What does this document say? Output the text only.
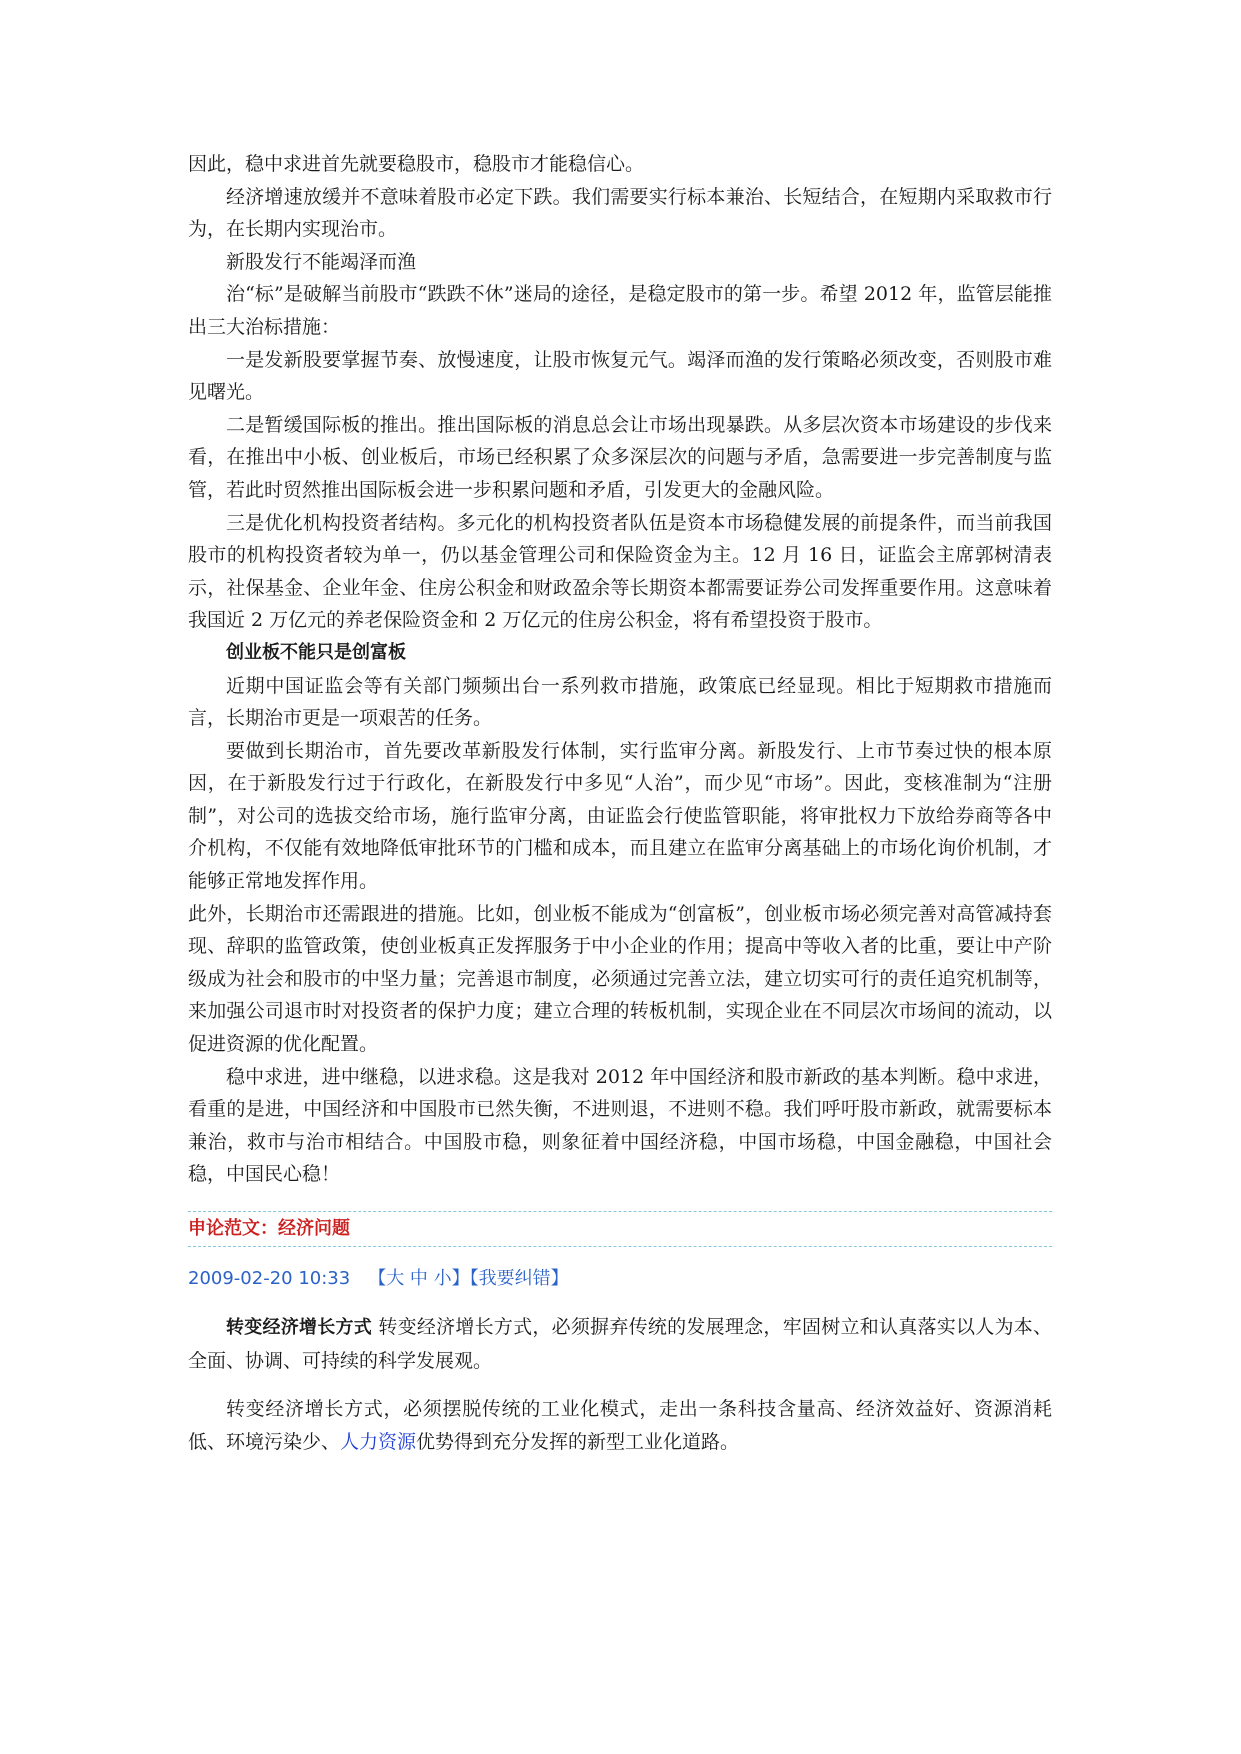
因此，稳中求进首先就要稳股市，稳股市才能稳信心。

经济增速放缓并不意味着股市必定下跌。我们需要实行标本兼治、长短结合，在短期内采取救市行为，在长期内实现治市。

新股发行不能竭泽而渔

治“标”是破解当前股市“跌跌不休”迷局的途径，是稳定股市的第一步。希望 2012 年，监管层能推出三大治标措施：

一是发新股要掌握节奏、放慢速度，让股市恢复元气。竭泽而渔的发行策略必须改变，否则股市难见曙光。

二是暂缓国际板的推出。推出国际板的消息总会让市场出现暴跌。从多层次资本市场建设的步伐来看，在推出中小板、创业板后，市场已经积累了众多深层次的问题与矛盾，急需要进一步完善制度与监管，若此时贸然推出国际板会进一步积累问题和矛盾，引发更大的金融风险。

三是优化机构投资者结构。多元化的机构投资者队伍是资本市场稳健发展的前提条件，而当前我国股市的机构投资者较为单一，仍以基金管理公司和保险资金为主。12 月 16 日，证监会主席郭树清表示，社保基金、企业年金、住房公积金和财政盈余等长期资本都需要证券公司发挥重要作用。这意味着我国近 2 万亿元的养老保险资金和 2 万亿元的住房公积金，将有希望投资于股市。

创业板不能只是创富板

近期中国证监会等有关部门频频出台一系列救市措施，政策底已经显现。相比于短期救市措施而言，长期治市更是一项艰苦的任务。

要做到长期治市，首先要改革新股发行体制，实行监审分离。新股发行、上市节奏过快的根本原因，在于新股发行过于行政化，在新股发行中多见“人治”，而少见“市场”。因此，变核准制为“注册制”，对公司的选拔交给市场，施行监审分离，由证监会行使监管职能，将审批权力下放给券商等各中介机构，不仅能有效地降低审批环节的门槛和成本，而且建立在监审分离基础上的市场化询价机制，才能够正常地发挥作用。

此外，长期治市还需跟进的措施。比如，创业板不能成为“创富板”，创业板市场必须完善对高管减持套现、辞职的监管政策，使创业板真正发挥服务于中小企业的作用；提高中等收入者的比重，要让中产阶级成为社会和股市的中坚力量；完善退市制度，必须通过完善立法，建立切实可行的责任追究机制等，来加强公司退市时对投资者的保护力度；建立合理的转板机制，实现企业在不同层次市场间的流动，以促进资源的优化配置。

稳中求进，进中继稳，以进求稳。这是我对 2012 年中国经济和股市新政的基本判断。稳中求进，看重的是进，中国经济和中国股市已然失衡，不进则退，不进则不稳。我们呼吁股市新政，就需要标本兼治，救市与治市相结合。中国股市稳，则象征着中国经济稳，中国市场稳，中国金融稳，中国社会稳，中国民心稳！

申论范文：经济问题
2009-02-20 10:33 【大 中 小】【我要纠错】

转变经济增长方式 转变经济增长方式，必须摒弃传统的发展理念，牢固树立和认真落实以人为本、全面、协调、可持续的科学发展观。

转变经济增长方式，必须摆脱传统的工业化模式，走出一条科技含量高、经济效益好、资源消耗低、环境污染少、人力资源优势得到充分发挥的新型工业化道路。
